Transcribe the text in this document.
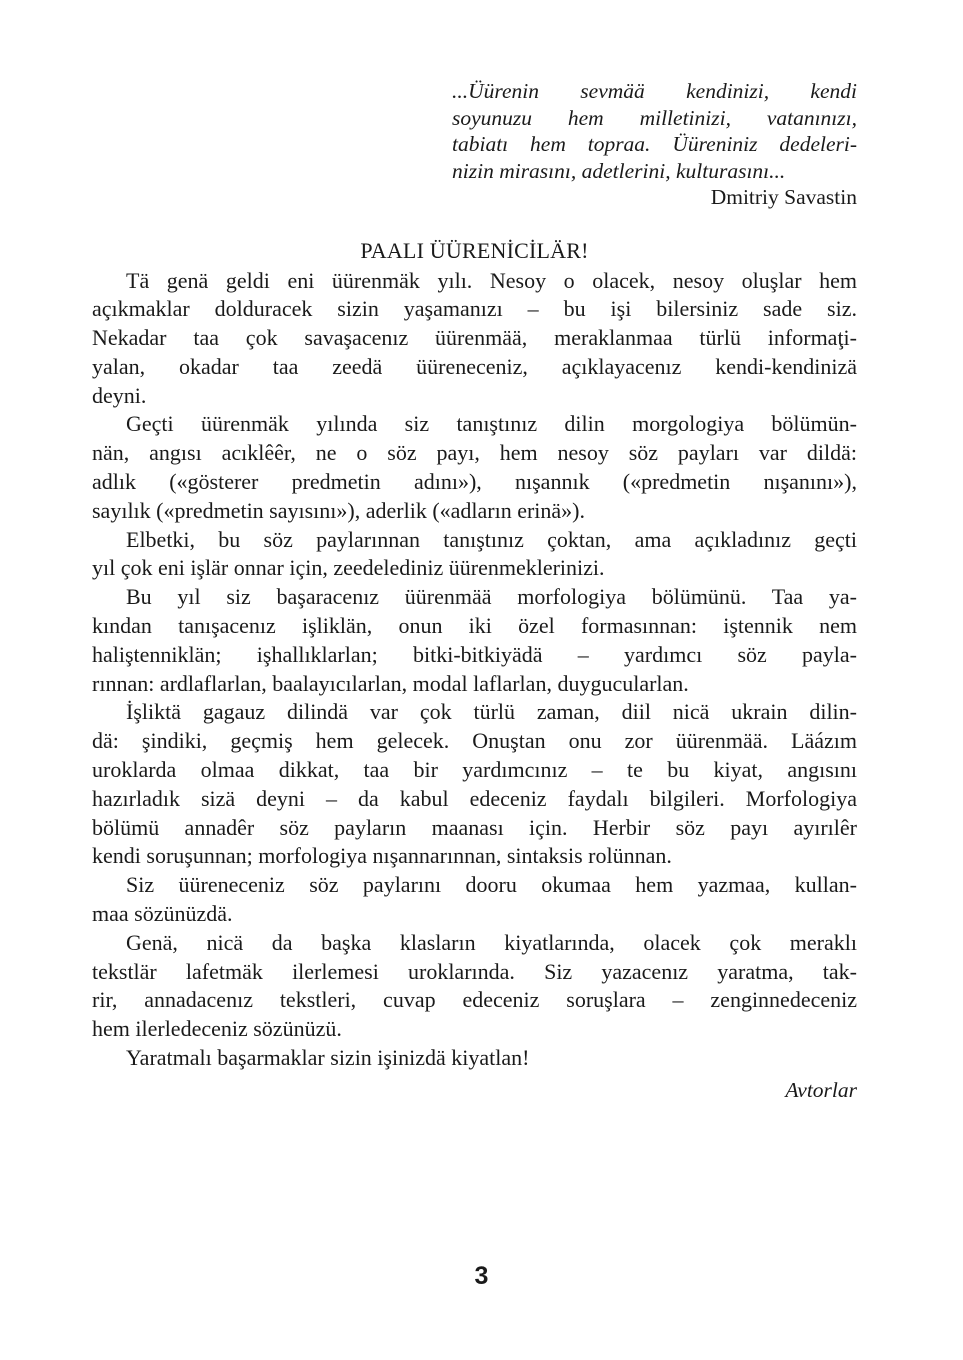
...Üürenin sevmää kendinizi, kendi
soyunuzu hem milletinizi, vatanınızı,
tabiatı hem topraa. Üüreniniz dedeleri-
nizin mirasını, adetlerini, kulturasını...
Dmitriy Savastin
PAALI ÜÜRENİCİLÄR!
Tä genä geldi eni üürenmäk yılı. Nesoy o olacek, nesoy oluşlar hem
açıkmaklar dolduracek sizin yaşamanızı – bu işi bilersiniz sade siz.
Nekadar taa çok savaşacenız üürenmää, meraklanmaa türlü informaţi-
yalan, okadar taa zeedä üüreneceniz, açıklayacenız kendi-kendinizä
deyni.
Geçti üürenmäk yılında siz tanıştınız dilin morgologiya bölümün-
nän, angısı acıklêêr, ne o söz payı, hem nesoy söz payları var dildä:
adlık («gösterer predmetin adını»), nışannık («predmetin nışanını»),
sayılık («predmetin sayısını»), aderlik («adların erinä»).
Elbetki, bu söz paylarınnan tanıştınız çoktan, ama açıkladınız geçti
yıl çok eni işlär onnar için, zeedelediniz üürenmeklerinizi.
Bu yıl siz başaracenız üürenmää morfologiya bölümünü. Taa ya-
kından tanışacenız işliklän, onun iki özel formasınnan: iştennik nem
haliştenniklän; işhallıklarlan; bitki-bitkiyädä – yardımcı söz payla-
rınnan: ardlaflarlan, baalayıcılarlan, modal laflarlan, duygucularlan.
İşliktä gagauz dilindä var çok türlü zaman, diil nicä ukrain dilin-
dä: şindiki, geçmiş hem gelecek. Onuştan onu zor üürenmää. Läázım
uroklarda olmaa dikkat, taa bir yardımcınız – te bu kiyat, angısını
hazırladık sizä deyni – da kabul edeceniz faydalı bilgileri. Morfologiya
bölümü annadêr söz payların maanası için. Herbir söz payı ayırılêr
kendi soruşunnan; morfologiya nışannarınnan, sintaksis rolünnan.
Siz üüreneceniz söz paylarını dooru okumaa hem yazmaa, kullan-
maa sözünüzdä.
Genä, nicä da başka klasların kiyatlarında, olacek çok meraklı
tekstlär lafetmäk ilerlemesi uroklarında. Siz yazacenız yaratma, tak-
rir, annadacenız tekstleri, cuvap edeceniz soruşlara – zenginnedeceniz
hem ilerledeceniz sözünüzü.
Yaratmalı başarmaklar sizin işinizdä kiyatlan!
Avtorlar
3
